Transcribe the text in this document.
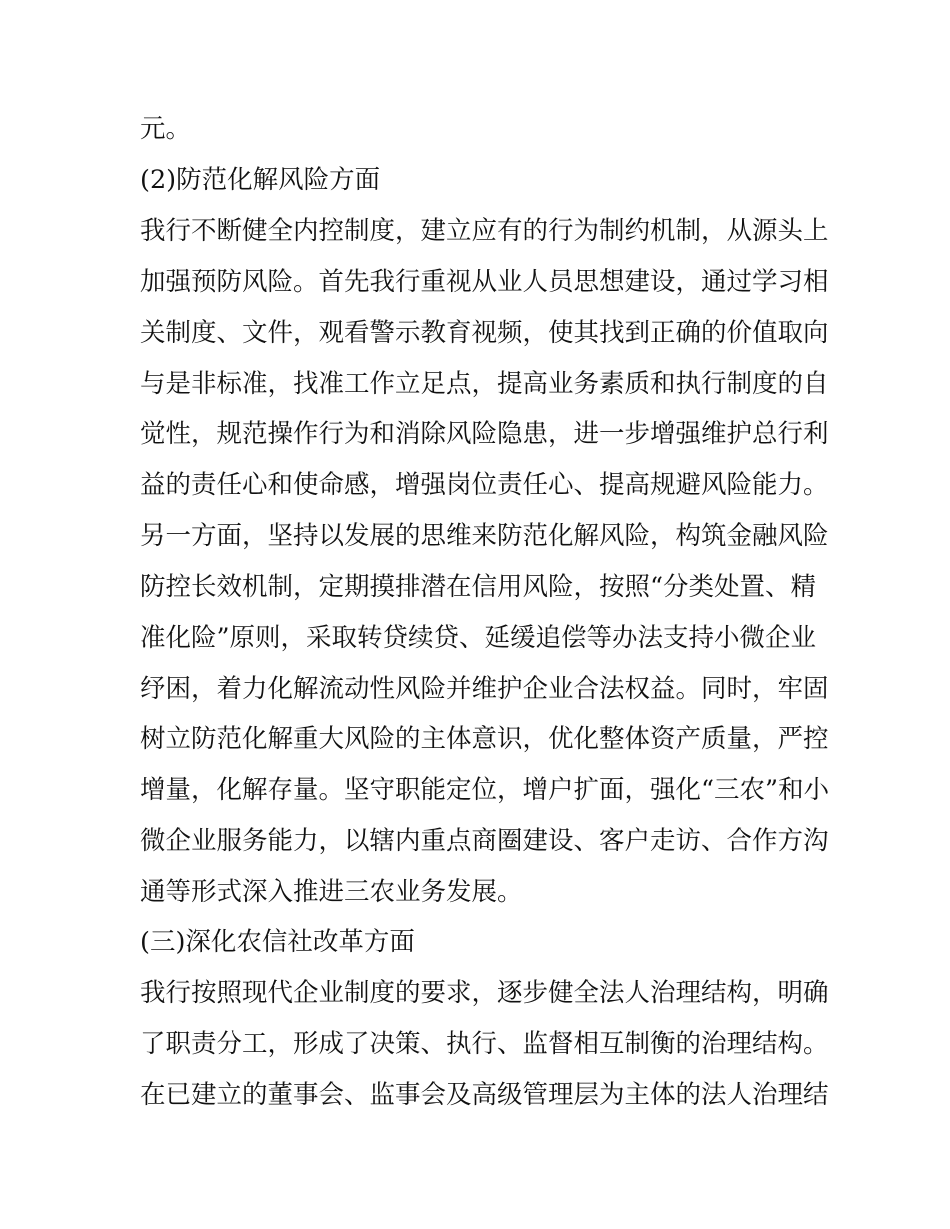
元。
(2)防范化解风险方面
我行不断健全内控制度，建立应有的行为制约机制，从源头上
加强预防风险。首先我行重视从业人员思想建设，通过学习相
关制度、文件，观看警示教育视频，使其找到正确的价值取向
与是非标准，找准工作立足点，提高业务素质和执行制度的自
觉性，规范操作行为和消除风险隐患，进一步增强维护总行利
益的责任心和使命感，增强岗位责任心、提高规避风险能力。
另一方面，坚持以发展的思维来防范化解风险，构筑金融风险
防控长效机制，定期摸排潜在信用风险，按照“分类处置、精
准化险”原则，采取转贷续贷、延缓追偿等办法支持小微企业
纾困，着力化解流动性风险并维护企业合法权益。同时，牢固
树立防范化解重大风险的主体意识，优化整体资产质量，严控
增量，化解存量。坚守职能定位，增户扩面，强化“三农”和小
微企业服务能力，以辖内重点商圈建设、客户走访、合作方沟
通等形式深入推进三农业务发展。
(三)深化农信社改革方面
我行按照现代企业制度的要求，逐步健全法人治理结构，明确
了职责分工，形成了决策、执行、监督相互制衡的治理结构。
在已建立的董事会、监事会及高级管理层为主体的法人治理结
